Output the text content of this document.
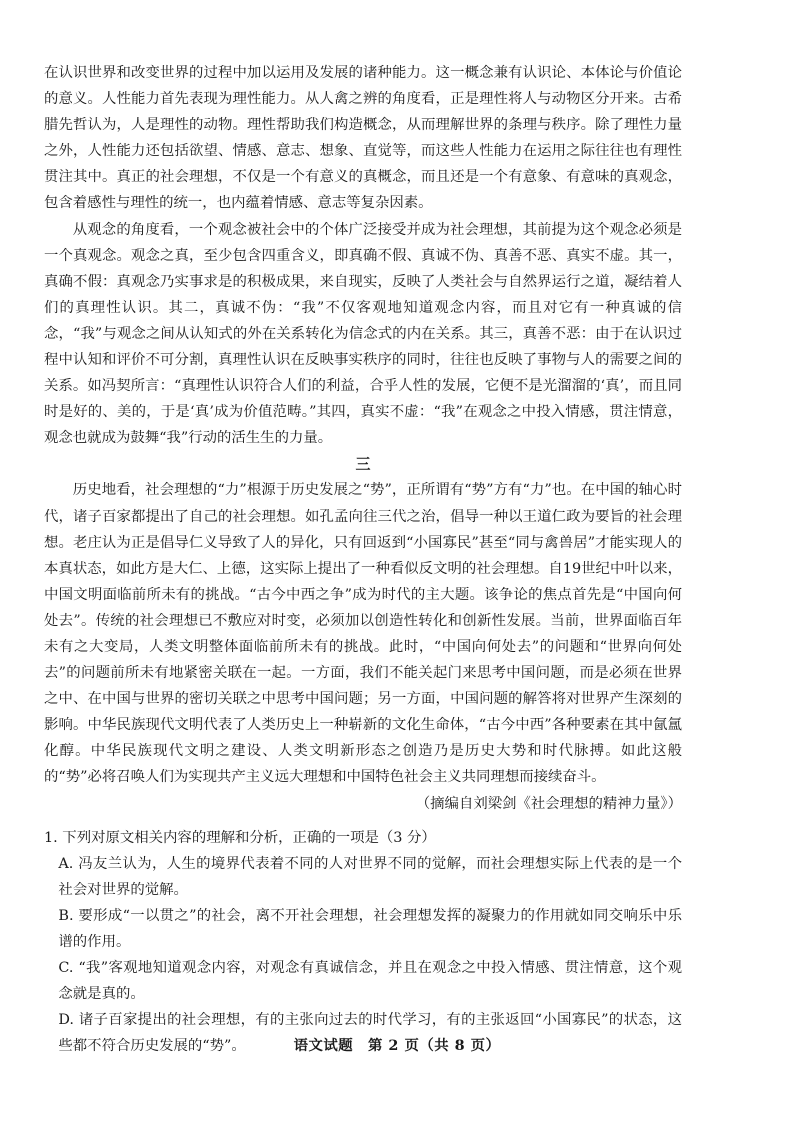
在认识世界和改变世界的过程中加以运用及发展的诸种能力。这一概念兼有认识论、本体论与价值论的意义。人性能力首先表现为理性能力。从人禽之辨的角度看，正是理性将人与动物区分开来。古希腊先哲认为，人是理性的动物。理性帮助我们构造概念，从而理解世界的条理与秩序。除了理性力量之外，人性能力还包括欲望、情感、意志、想象、直觉等，而这些人性能力在运用之际往往也有理性贯注其中。真正的社会理想，不仅是一个有意义的真概念，而且还是一个有意象、有意味的真观念，包含着感性与理性的统一，也内蕴着情感、意志等复杂因素。

从观念的角度看，一个观念被社会中的个体广泛接受并成为社会理想，其前提为这个观念必须是一个真观念。观念之真，至少包含四重含义，即真确不假、真诚不伪、真善不恶、真实不虚。其一，真确不假：真观念乃实事求是的积极成果，来自现实，反映了人类社会与自然界运行之道，凝结着人们的真理性认识。其二，真诚不伪：“我”不仅客观地知道观念内容，而且对它有一种真诚的信念，“我”与观念之间从认知式的外在关系转化为信念式的内在关系。其三，真善不恶：由于在认识过程中认知和评价不可分割，真理性认识在反映事实秩序的同时，往往也反映了事物与人的需要之间的关系。如冯契所言：“真理性认识符合人们的利益，合乎人性的发展，它便不是光溜溜的‘真’，而且同时是好的、美的，于是‘真’成为价值范畴。”其四，真实不虚：“我”在观念之中投入情感，贯注情意，观念也就成为鼓舞“我”行动的活生生的力量。

三

历史地看，社会理想的“力”根源于历史发展之“势”，正所谓有“势”方有“力”也。在中国的轴心时代，诸子百家都提出了自己的社会理想。如孔孟向往三代之治，倡导一种以王道仁政为要旨的社会理想。老庄认为正是倡导仁义导致了人的异化，只有回返到“小国寡民”甚至“同与禽兽居”才能实现人的本真状态，如此方是大仁、上德，这实际上提出了一种看似反文明的社会理想。自19世纪中叶以来，中国文明面临前所未有的挑战。“古今中西之争”成为时代的主大题。该争论的焦点首先是“中国向何处去”。传统的社会理想已不敷应对时变，必须加以创造性转化和创新性发展。当前，世界面临百年未有之大变局，人类文明整体面临前所未有的挑战。此时，“中国向何处去”的问题和“世界向何处去”的问题前所未有地紧密关联在一起。一方面，我们不能关起门来思考中国问题，而是必须在世界之中、在中国与世界的密切关联之中思考中国问题；另一方面，中国问题的解答将对世界产生深刻的影响。中华民族现代文明代表了人类历史上一种崭新的文化生命体，“古今中西”各种要素在其中氤氲化醇。中华民族现代文明之建设、人类文明新形态之创造乃是历史大势和时代脉搏。如此这般的“势”必将召唤人们为实现共产主义远大理想和中国特色社会主义共同理想而接续奋斗。

（摘编自刘梁剑《社会理想的精神力量》）

1. 下列对原文相关内容的理解和分析，正确的一项是（3 分）

A. 冯友兰认为，人生的境界代表着不同的人对世界不同的觉解，而社会理想实际上代表的是一个社会对世界的觉解。

B. 要形成“一以贯之”的社会，离不开社会理想，社会理想发挥的凝聚力的作用就如同交响乐中乐谱的作用。

C. “我”客观地知道观念内容，对观念有真诚信念，并且在观念之中投入情感、贯注情意，这个观念就是真的。

D. 诸子百家提出的社会理想，有的主张向过去的时代学习，有的主张返回“小国寡民”的状态，这些都不符合历史发展的“势”。	语文试题　第 2 页（共 8 页）
